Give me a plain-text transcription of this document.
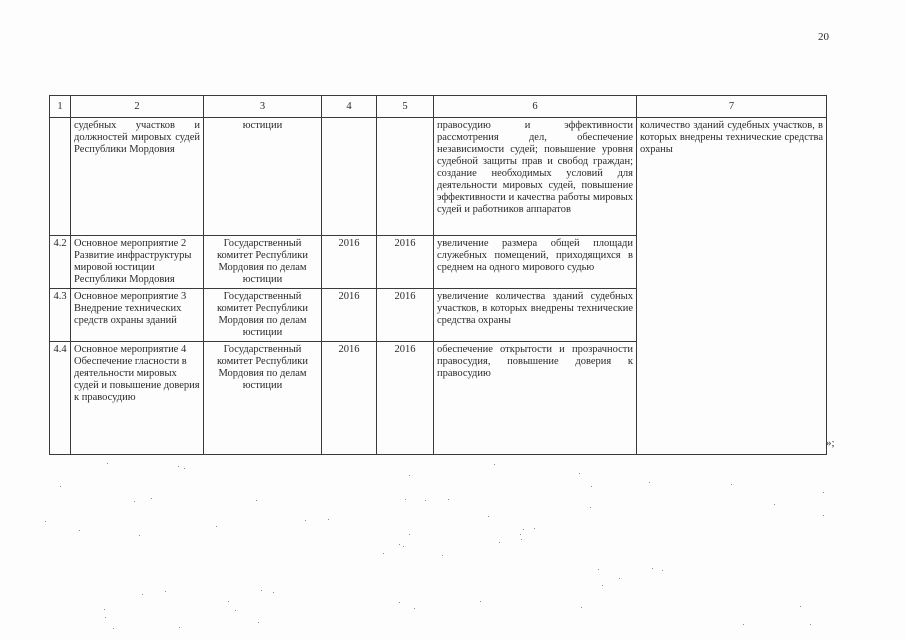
20
1	2	3	4	5	6	7
	судебных участков и должностей мировых судей Республики Мордовия	юстиции			правосудию и эффективности рассмотрения дел, обеспечение независимости судей; повышение уровня судебной защиты прав и свобод граждан; создание необходимых условий для деятельности мировых судей, повышение эффективности и качества работы мировых судей и работников аппаратов	количество зданий судебных участков, в которых внедрены технические средства охраны
4.2	Основное мероприятие 2 Развитие инфраструктуры мировой юстиции Республики Мордовия	Государственный комитет Республики Мордовия по делам юстиции	2016	2016	увеличение размера общей площади служебных помещений, приходящихся в среднем на одного мирового судью	
4.3	Основное мероприятие 3 Внедрение технических средств охраны зданий	Государственный комитет Республики Мордовия по делам юстиции	2016	2016	увеличение количества зданий судебных участков, в которых внедрены технические средства охраны	
4.4	Основное мероприятие 4 Обеспечение гласности в деятельности мировых судей и повышение доверия к правосудию	Государственный комитет Республики Мордовия по делам юстиции	2016	2016	обеспечение открытости и прозрачности правосудия, повышение доверия к правосудию	
»;
